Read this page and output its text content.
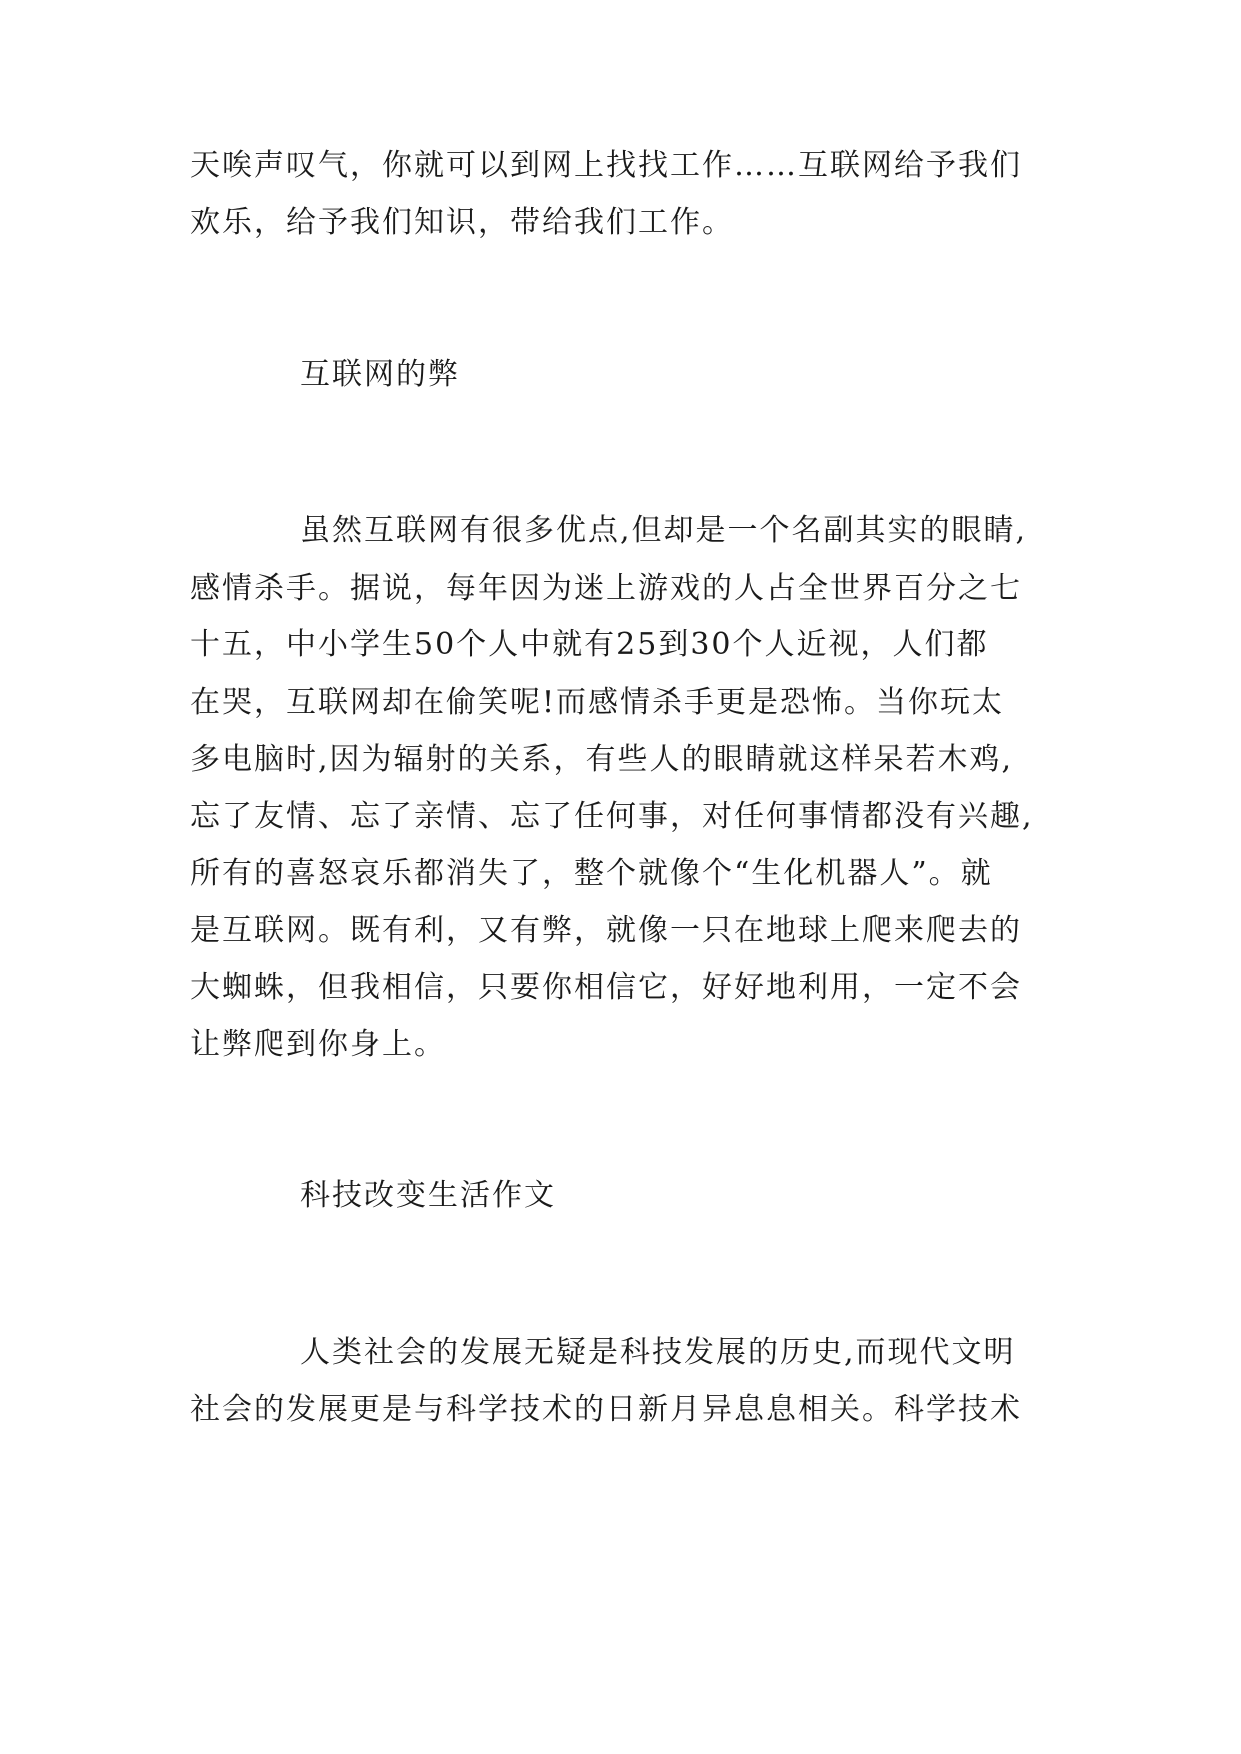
天唉声叹气，你就可以到网上找找工作……互联网给予我们
欢乐，给予我们知识，带给我们工作。
互联网的弊
虽然互联网有很多优点,但却是一个名副其实的眼睛,
感情杀手。据说，每年因为迷上游戏的人占全世界百分之七
十五，中小学生50个人中就有25到30个人近视，人们都
在哭，互联网却在偷笑呢!而感情杀手更是恐怖。当你玩太
多电脑时,因为辐射的关系，有些人的眼睛就这样呆若木鸡,
忘了友情、忘了亲情、忘了任何事，对任何事情都没有兴趣,
所有的喜怒哀乐都消失了，整个就像个“生化机器人”。就
是互联网。既有利，又有弊，就像一只在地球上爬来爬去的
大蜘蛛，但我相信，只要你相信它，好好地利用，一定不会
让弊爬到你身上。
科技改变生活作文
人类社会的发展无疑是科技发展的历史,而现代文明
社会的发展更是与科学技术的日新月异息息相关。科学技术
